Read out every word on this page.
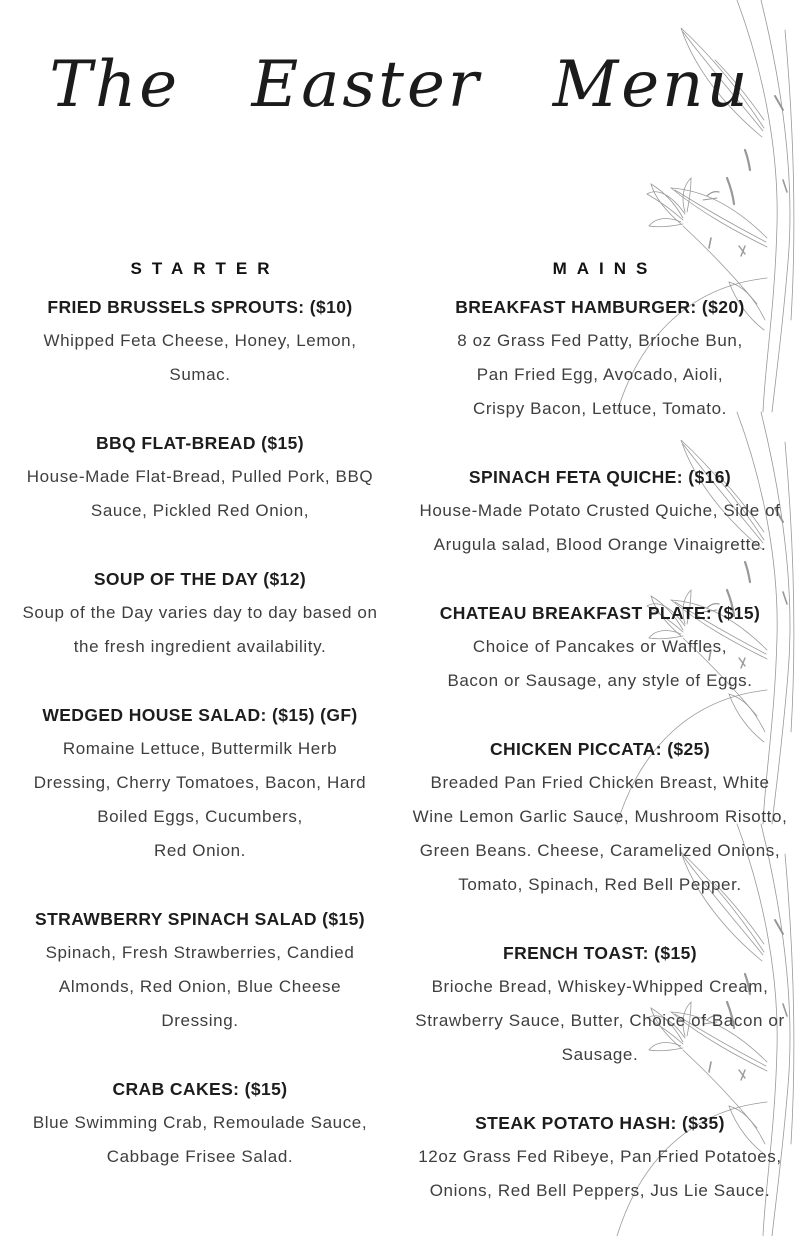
The Easter Menu
STARTER
FRIED BRUSSELS SPROUTS: ($10)
Whipped Feta Cheese, Honey, Lemon,
Sumac.
BBQ FLAT-BREAD ($15)
House-Made Flat-Bread, Pulled Pork, BBQ
Sauce, Pickled Red Onion,
SOUP OF THE DAY ($12)
Soup of the Day varies day to day based on
the fresh ingredient availability.
WEDGED HOUSE SALAD: ($15) (GF)
Romaine Lettuce, Buttermilk Herb
Dressing, Cherry Tomatoes, Bacon, Hard
Boiled Eggs, Cucumbers,
Red Onion.
STRAWBERRY SPINACH SALAD ($15)
Spinach, Fresh Strawberries, Candied
Almonds, Red Onion, Blue Cheese
Dressing.
CRAB CAKES: ($15)
Blue Swimming Crab, Remoulade Sauce,
Cabbage Frisee Salad.
MAINS
BREAKFAST HAMBURGER: ($20)
8 oz Grass Fed Patty, Brioche Bun,
Pan Fried Egg, Avocado, Aioli,
Crispy Bacon, Lettuce, Tomato.
SPINACH FETA QUICHE: ($16)
House-Made Potato Crusted Quiche, Side of
Arugula salad, Blood Orange Vinaigrette.
CHATEAU BREAKFAST PLATE: ($15)
Choice of Pancakes or Waffles,
Bacon or Sausage, any style of Eggs.
CHICKEN PICCATA: ($25)
Breaded Pan Fried Chicken Breast, White
Wine Lemon Garlic Sauce, Mushroom Risotto,
Green Beans. Cheese, Caramelized Onions,
Tomato, Spinach, Red Bell Pepper.
FRENCH TOAST: ($15)
Brioche Bread, Whiskey-Whipped Cream,
Strawberry Sauce, Butter, Choice of Bacon or
Sausage.
STEAK POTATO HASH: ($35)
12oz Grass Fed Ribeye, Pan Fried Potatoes,
Onions, Red Bell Peppers, Jus Lie Sauce.
